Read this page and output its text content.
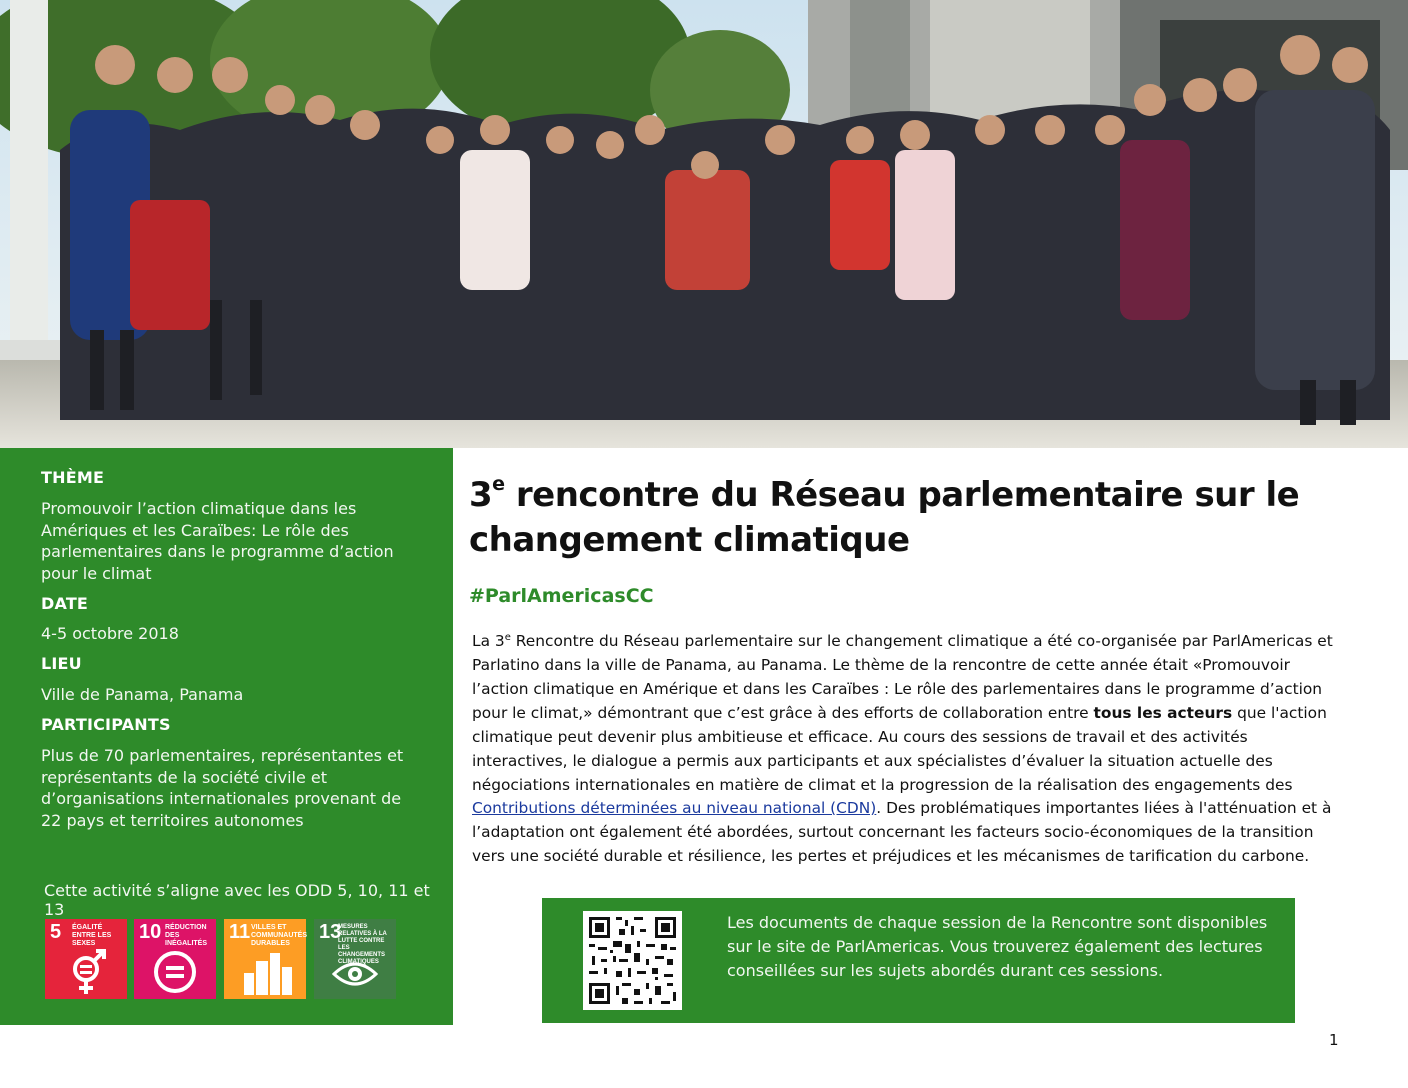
THÈME
Promouvoir l’action climatique dans les Amériques et les Caraïbes: Le rôle des parlementaires dans le programme d’action pour le climat
DATE
4-5 octobre 2018
LIEU
Ville de Panama, Panama
PARTICIPANTS
Plus de 70 parlementaires, représentantes et représentants de la société civile et d’organisations internationales provenant de 22 pays et territoires autonomes
Cette activité s’aligne avec les ODD 5, 10, 11 et 13
5 ÉGALITÉ ENTRE LES SEXES
10 RÉDUCTION DES INÉGALITÉS
11 VILLES ET COMMUNAUTÉS DURABLES
13
MESURES RELATIVES À LA LUTTE CONTRE LES CHANGEMENTS CLIMATIQUES
3e rencontre du Réseau parlementaire sur le changement climatique
#ParlAmericasCC
La 3e Rencontre du Réseau parlementaire sur le changement climatique a été co-organisée par ParlAmericas et Parlatino dans la ville de Panama, au Panama. Le thème de la rencontre de cette année était «Promouvoir l’action climatique en Amérique et dans les Caraïbes : Le rôle des parlementaires dans le programme d’action pour le climat,» démontrant que c’est grâce à des efforts de collaboration entre tous les acteurs que l'action climatique peut devenir plus ambitieuse et efficace. Au cours des sessions de travail et des activités interactives, le dialogue a permis aux participants et aux spécialistes d’évaluer la situation actuelle des négociations internationales en matière de climat et la progression de la réalisation des engagements des Contributions déterminées au niveau national (CDN). Des problématiques importantes liées à l'atténuation et à l’adaptation ont également été abordées, surtout concernant les facteurs socio-économiques de la transition vers une société durable et résilience, les pertes et préjudices et les mécanismes de tarification du carbone.
Les documents de chaque session de la Rencontre sont disponibles sur le site de ParlAmericas. Vous trouverez également des lectures conseillées sur les sujets abordés durant ces sessions.
1
